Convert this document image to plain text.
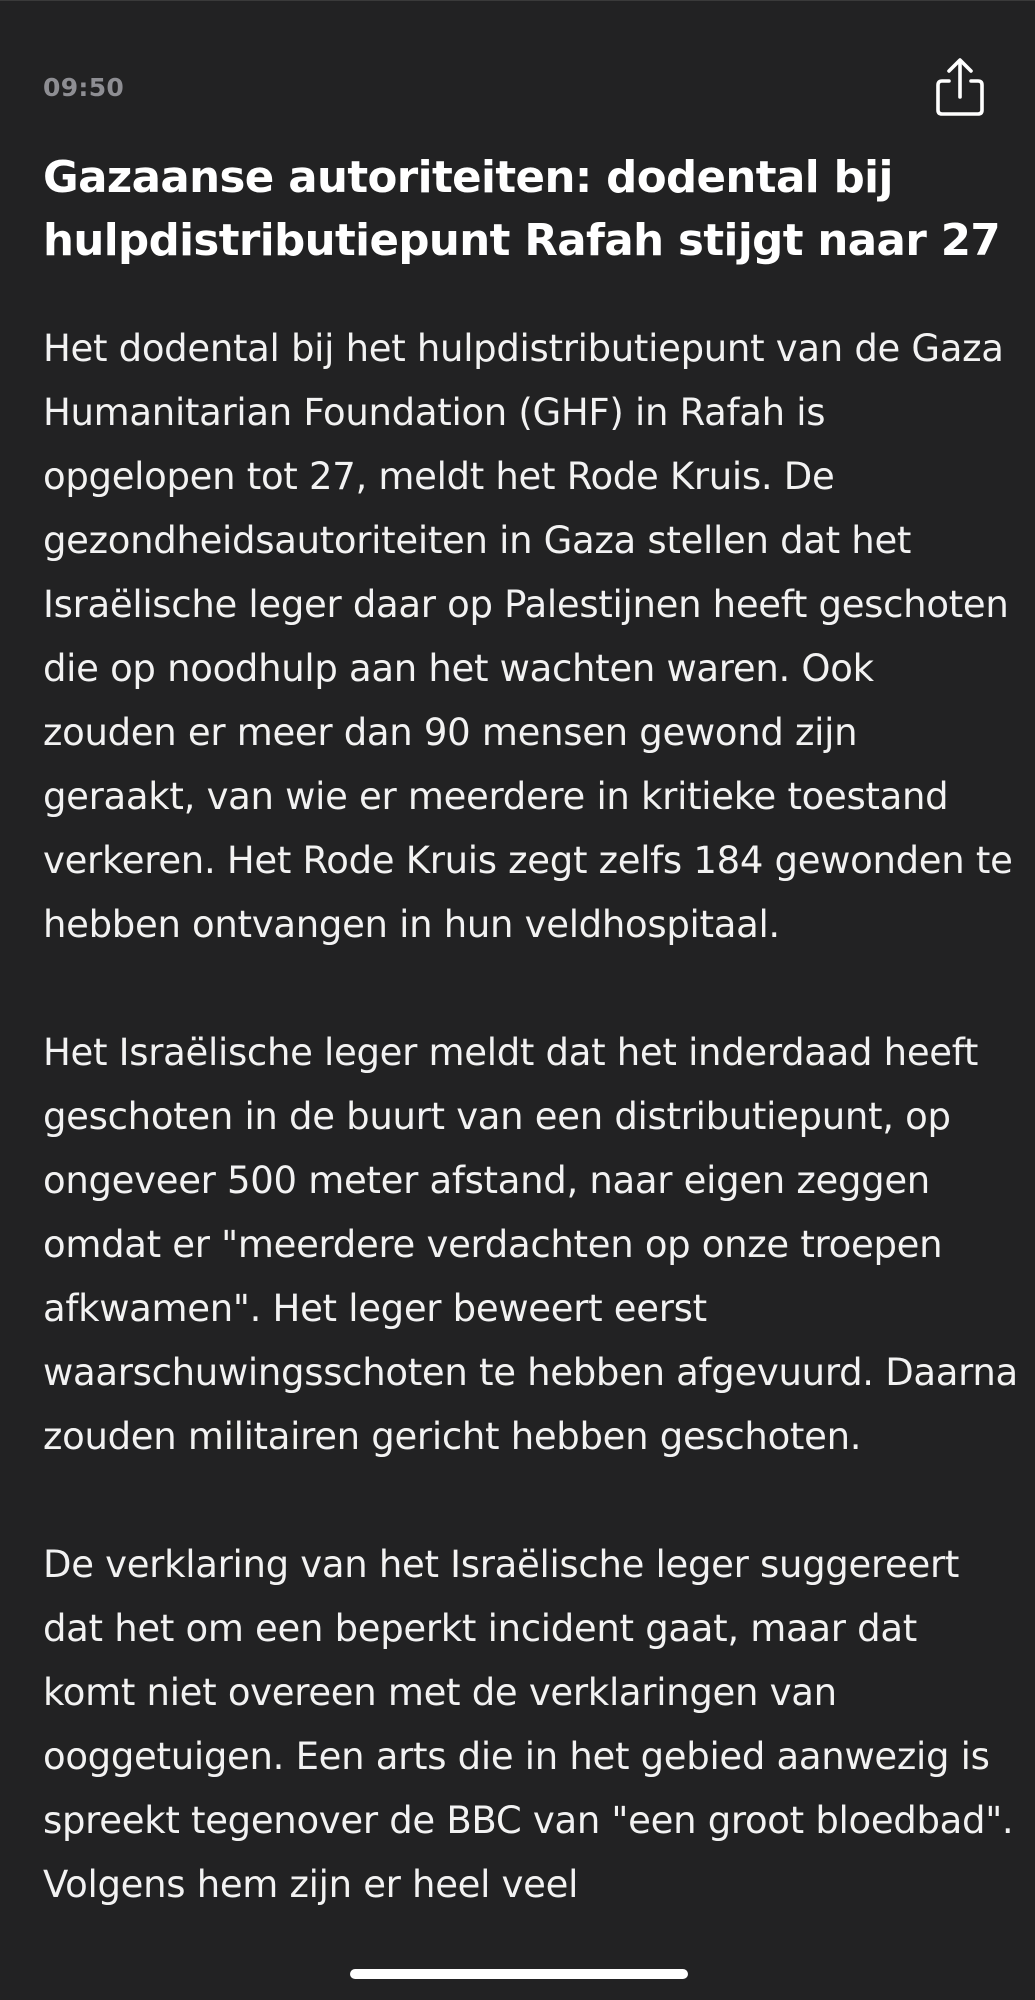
09:50
Gazaanse autoriteiten: dodental bij hulpdistributiepunt Rafah stijgt naar 27

Het dodental bij het hulpdistributiepunt van de Gaza Humanitarian Foundation (GHF) in Rafah is opgelopen tot 27, meldt het Rode Kruis. De gezondheidsautoriteiten in Gaza stellen dat het Israëlische leger daar op Palestijnen heeft geschoten die op noodhulp aan het wachten waren. Ook zouden er meer dan 90 mensen gewond zijn geraakt, van wie er meerdere in kritieke toestand verkeren. Het Rode Kruis zegt zelfs 184 gewonden te hebben ontvangen in hun veldhospitaal.

Het Israëlische leger meldt dat het inderdaad heeft geschoten in de buurt van een distributiepunt, op ongeveer 500 meter afstand, naar eigen zeggen omdat er "meerdere verdachten op onze troepen afkwamen". Het leger beweert eerst waarschuwingsschoten te hebben afgevuurd. Daarna zouden militairen gericht hebben geschoten.

De verklaring van het Israëlische leger suggereert dat het om een beperkt incident gaat, maar dat komt niet overeen met de verklaringen van ooggetuigen. Een arts die in het gebied aanwezig is spreekt tegenover de BBC van "een groot bloedbad". Volgens hem zijn er heel veel
